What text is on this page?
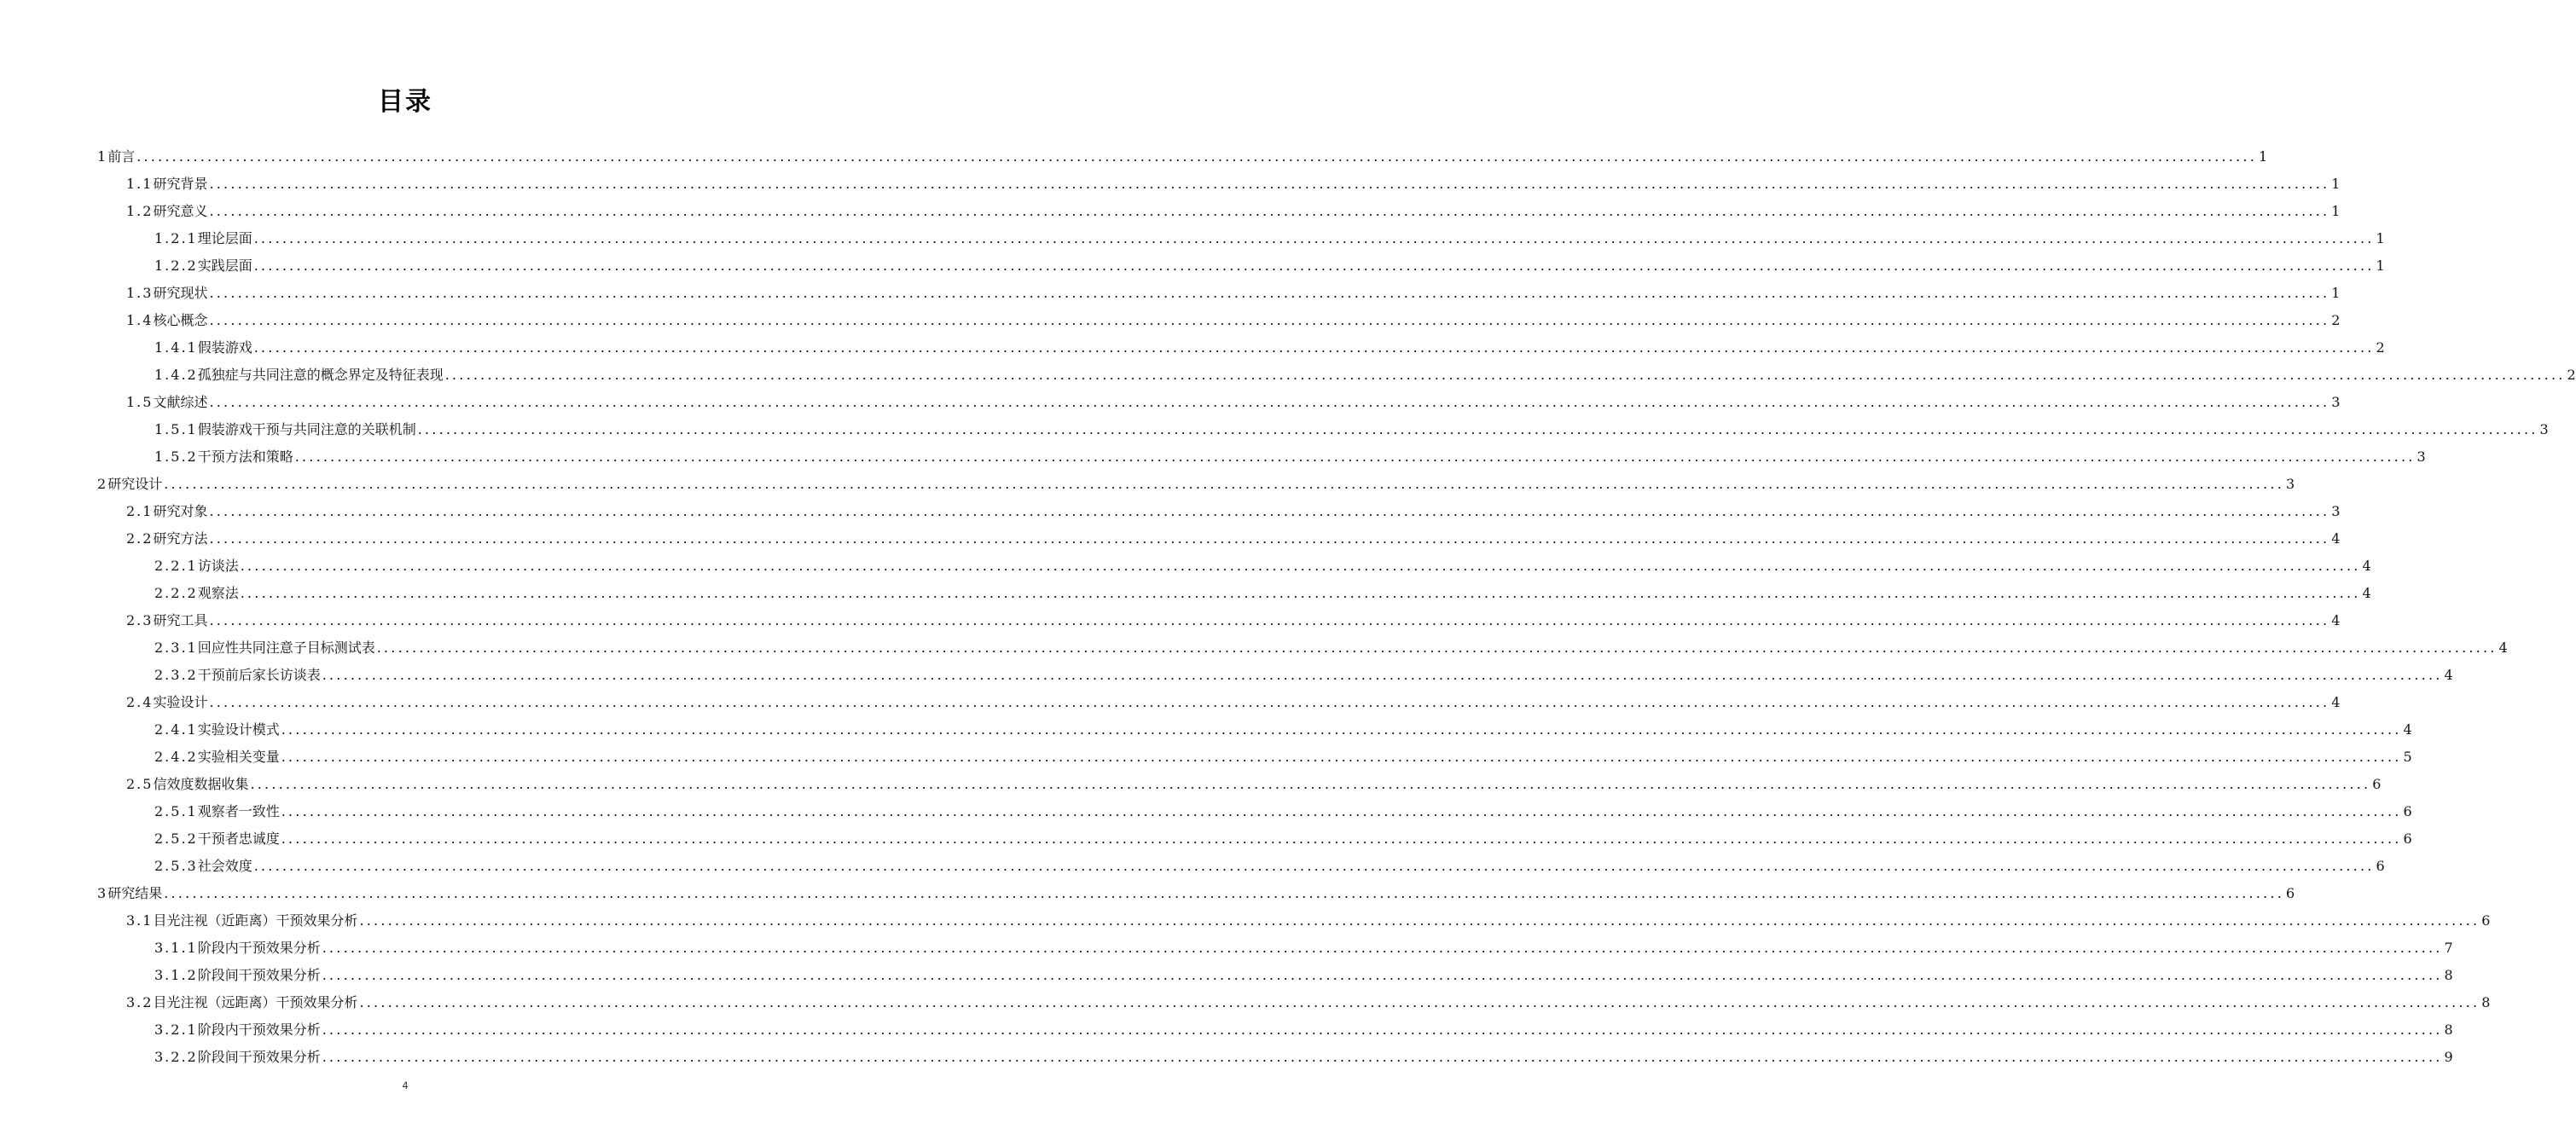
目录
1 前言 ............................................................................................................................................................................................................................................................................................................ 1
1.1 研究背景 ............................................................................................................................................................................................................................................................................................................ 1
1.2 研究意义 ............................................................................................................................................................................................................................................................................................................ 1
1.2.1 理论层面 ............................................................................................................................................................................................................................................................................................................ 1
1.2.2 实践层面 ............................................................................................................................................................................................................................................................................................................ 1
1.3 研究现状 ............................................................................................................................................................................................................................................................................................................ 1
1.4 核心概念 ............................................................................................................................................................................................................................................................................................................ 2
1.4.1 假装游戏 ............................................................................................................................................................................................................................................................................................................ 2
1.4.2 孤独症与共同注意的概念界定及特征表现 ............................................................................................................................................................................................................................................................................................................ 2
1.5 文献综述 ............................................................................................................................................................................................................................................................................................................ 3
1.5.1 假装游戏干预与共同注意的关联机制 ............................................................................................................................................................................................................................................................................................................ 3
1.5.2 干预方法和策略 ............................................................................................................................................................................................................................................................................................................ 3
2 研究设计 ............................................................................................................................................................................................................................................................................................................ 3
2.1 研究对象 ............................................................................................................................................................................................................................................................................................................ 3
2.2 研究方法 ............................................................................................................................................................................................................................................................................................................ 4
2.2.1 访谈法 ............................................................................................................................................................................................................................................................................................................ 4
2.2.2 观察法 ............................................................................................................................................................................................................................................................................................................ 4
2.3 研究工具 ............................................................................................................................................................................................................................................................................................................ 4
2.3.1 回应性共同注意子目标测试表 ............................................................................................................................................................................................................................................................................................................ 4
2.3.2 干预前后家长访谈表 ............................................................................................................................................................................................................................................................................................................ 4
2.4 实验设计 ............................................................................................................................................................................................................................................................................................................ 4
2.4.1 实验设计模式 ............................................................................................................................................................................................................................................................................................................ 4
2.4.2 实验相关变量 ............................................................................................................................................................................................................................................................................................................ 5
2.5 信效度数据收集 ............................................................................................................................................................................................................................................................................................................ 6
2.5.1 观察者一致性 ............................................................................................................................................................................................................................................................................................................ 6
2.5.2 干预者忠诚度 ............................................................................................................................................................................................................................................................................................................ 6
2.5.3 社会效度 ............................................................................................................................................................................................................................................................................................................ 6
3 研究结果 ............................................................................................................................................................................................................................................................................................................ 6
3.1 目光注视（近距离）干预效果分析 ............................................................................................................................................................................................................................................................................................................ 6
3.1.1 阶段内干预效果分析 ............................................................................................................................................................................................................................................................................................................ 7
3.1.2 阶段间干预效果分析 ............................................................................................................................................................................................................................................................................................................ 8
3.2 目光注视（远距离）干预效果分析 ............................................................................................................................................................................................................................................................................................................ 8
3.2.1 阶段内干预效果分析 ............................................................................................................................................................................................................................................................................................................ 8
3.2.2 阶段间干预效果分析 ............................................................................................................................................................................................................................................................................................................ 9
4
